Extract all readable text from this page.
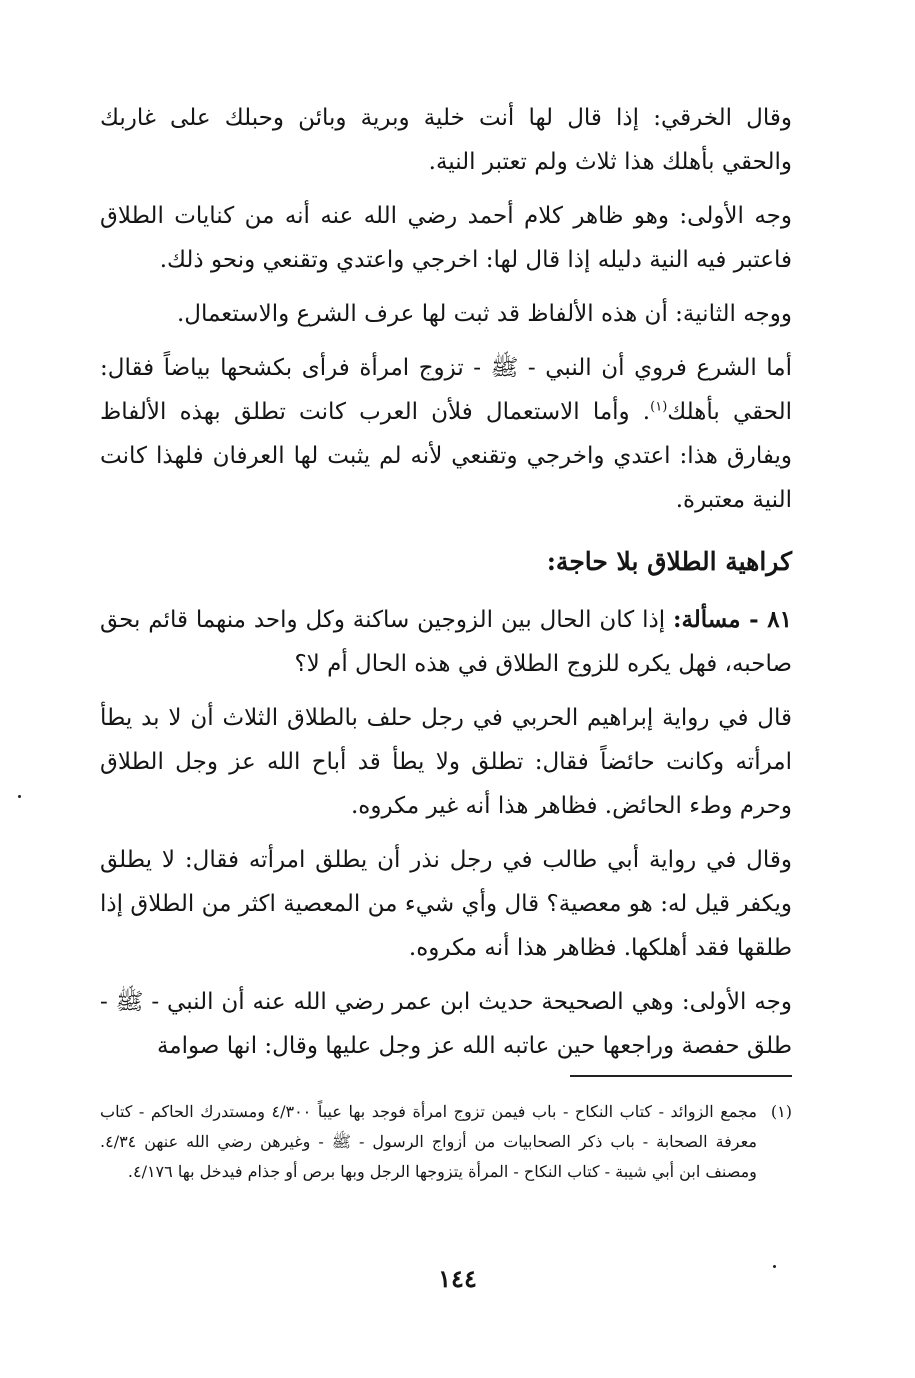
وقال الخرقي: إذا قال لها أنت خلية وبرية وبائن وحبلك على غاربك والحقي بأهلك هذا ثلاث ولم تعتبر النية.

وجه الأولى: وهو ظاهر كلام أحمد رضي الله عنه أنه من كنايات الطلاق فاعتبر فيه النية دليله إذا قال لها: اخرجي واعتدي وتقنعي ونحو ذلك.

ووجه الثانية: أن هذه الألفاظ قد ثبت لها عرف الشرع والاستعمال.

أما الشرع فروي أن النبي - ﷺ - تزوج امرأة فرأى بكشحها بياضاً فقال: الحقي بأهلك$^{(١)}$. وأما الاستعمال فلأن العرب كانت تطلق بهذه الألفاظ ويفارق هذا: اعتدي واخرجي وتقنعي لأنه لم يثبت لها العرفان فلهذا كانت النية معتبرة.

كراهية الطلاق بلا حاجة:

٨١ - مسألة: إذا كان الحال بين الزوجين ساكنة وكل واحد منهما قائم بحق صاحبه، فهل يكره للزوج الطلاق في هذه الحال أم لا؟

قال في رواية إبراهيم الحربي في رجل حلف بالطلاق الثلاث أن لا بد يطأ امرأته وكانت حائضاً فقال: تطلق ولا يطأ قد أباح الله عز وجل الطلاق وحرم وطء الحائض. فظاهر هذا أنه غير مكروه.

وقال في رواية أبي طالب في رجل نذر أن يطلق امرأته فقال: لا يطلق ويكفر قيل له: هو معصية؟ قال وأي شيء من المعصية اكثر من الطلاق إذا طلقها فقد أهلكها. فظاهر هذا أنه مكروه.

وجه الأولى: وهي الصحيحة حديث ابن عمر رضي الله عنه أن النبي - ﷺ - طلق حفصة وراجعها حين عاتبه الله عز وجل عليها وقال: انها صوامة

(١)
مجمع الزوائد - كتاب النكاح - باب فيمن تزوج امرأة فوجد بها عيباً ٤/٣٠٠ ومستدرك الحاكم - كتاب معرفة الصحابة - باب ذكر الصحابيات من أزواج الرسول - ﷺ - وغيرهن رضي الله عنهن ٤/٣٤. ومصنف ابن أبي شيبة - كتاب النكاح - المرأة يتزوجها الرجل وبها برص أو جذام فيدخل بها ٤/١٧٦.
١٤٤
